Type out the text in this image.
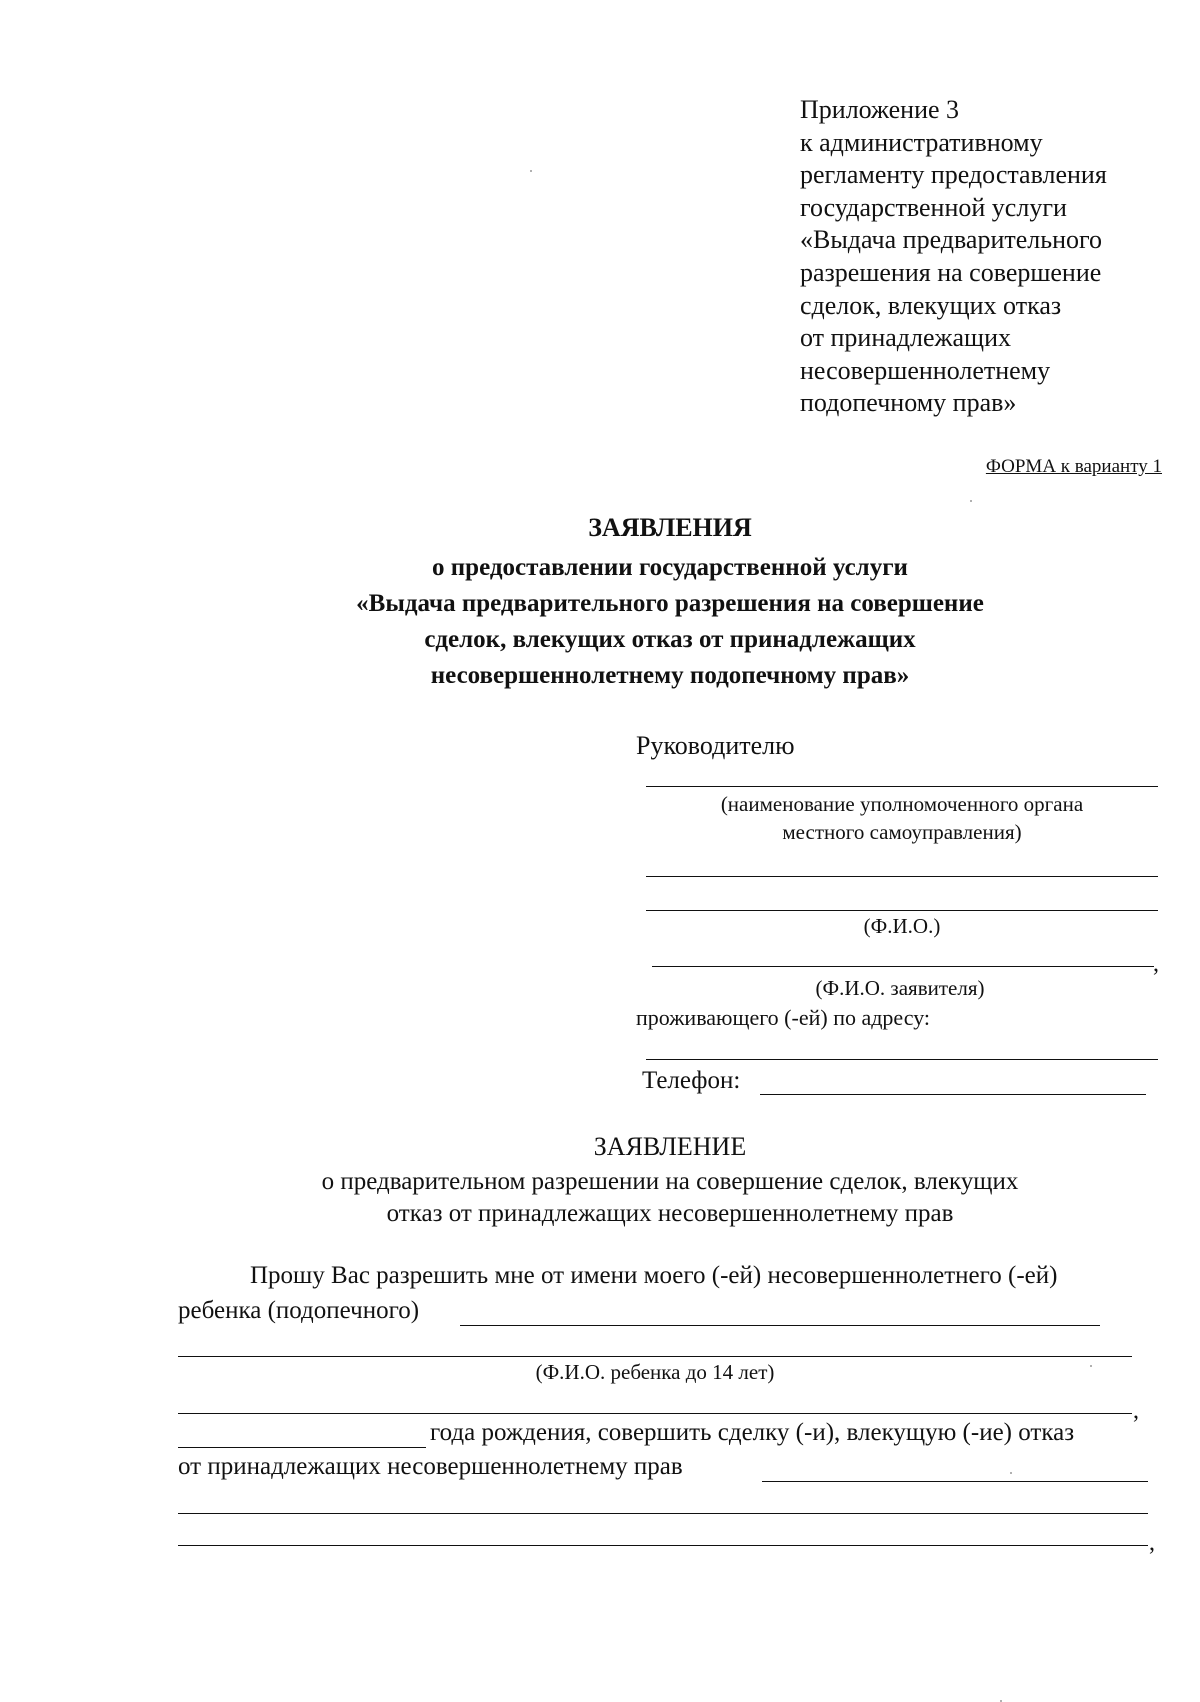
Приложение 3
к административному
регламенту предоставления
государственной услуги
«Выдача предварительного
разрешения на совершение
сделок, влекущих отказ
от принадлежащих
несовершеннолетнему
подопечному прав»
ФОРМА к варианту 1
ЗАЯВЛЕНИЯ
о предоставлении государственной услуги
«Выдача предварительного разрешения на совершение
сделок, влекущих отказ от принадлежащих
несовершеннолетнему подопечному прав»
Руководителю
(наименование уполномоченного органа
местного самоуправления)
(Ф.И.О.)
,
(Ф.И.О. заявителя)
проживающего (-ей) по адресу:
Телефон:
ЗАЯВЛЕНИЕ
о предварительном разрешении на совершение сделок, влекущих
отказ от принадлежащих несовершеннолетнему прав
Прошу Вас разрешить мне от имени моего (-ей) несовершеннолетнего (-ей)
ребенка (подопечного)
(Ф.И.О. ребенка до 14 лет)
,
года рождения, совершить сделку (-и), влекущую (-ие) отказ
от принадлежащих несовершеннолетнему прав
,
